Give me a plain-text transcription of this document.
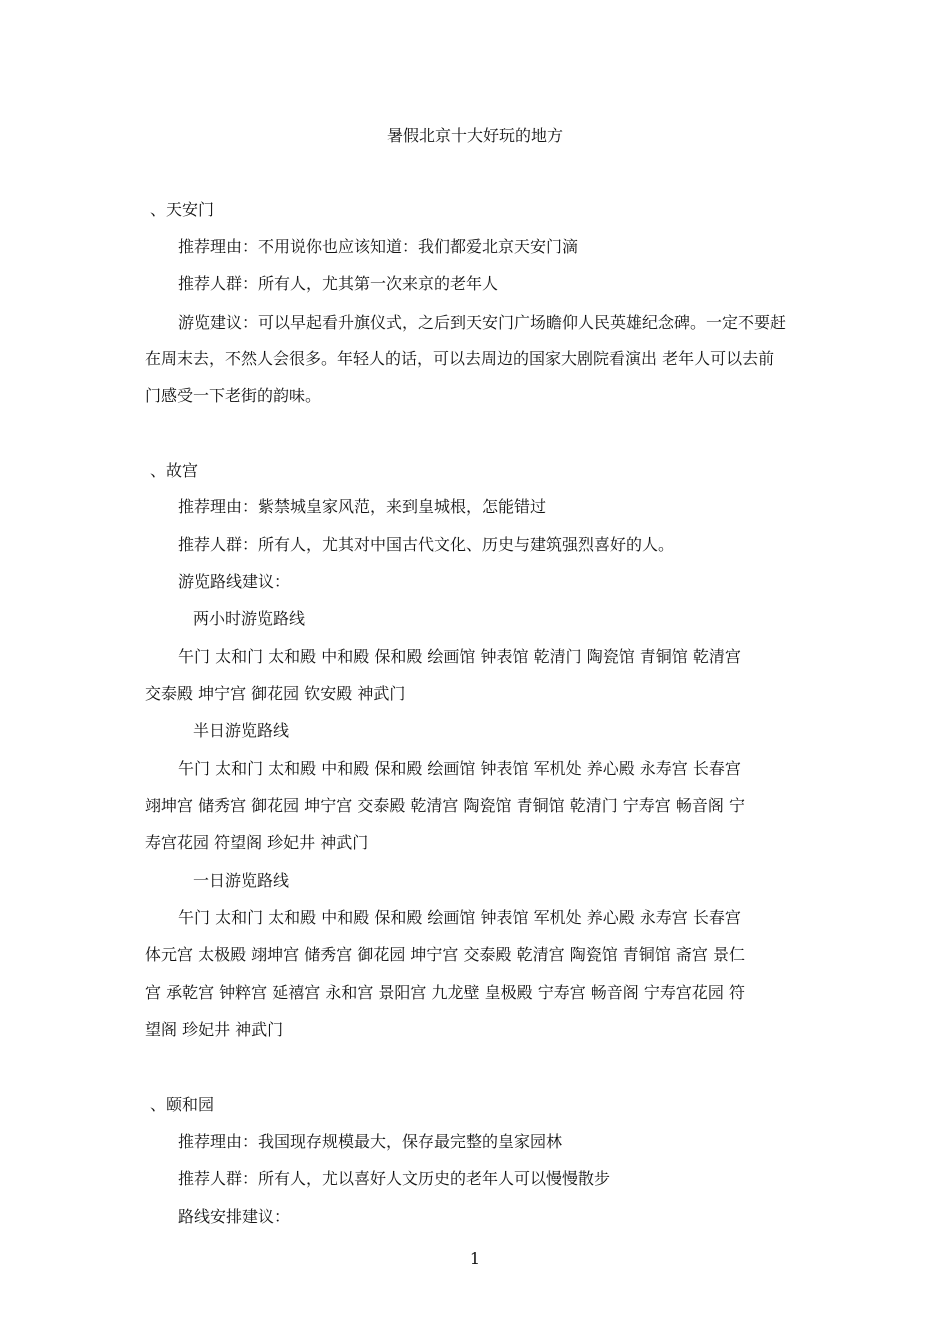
暑假北京十大好玩的地方
、天安门
推荐理由：不用说你也应该知道：我们都爱北京天安门滴
推荐人群：所有人，尤其第一次来京的老年人
游览建议：可以早起看升旗仪式，之后到天安门广场瞻仰人民英雄纪念碑。一定不要赶
在周末去，不然人会很多。年轻人的话，可以去周边的国家大剧院看演出 老年人可以去前
门感受一下老街的韵味。
、故宫
推荐理由：紫禁城皇家风范，来到皇城根，怎能错过
推荐人群：所有人，尤其对中国古代文化、历史与建筑强烈喜好的人。
游览路线建议：
两小时游览路线
午门 太和门 太和殿 中和殿 保和殿 绘画馆 钟表馆 乾清门 陶瓷馆 青铜馆 乾清宫
交泰殿 坤宁宫 御花园 钦安殿 神武门
半日游览路线
午门 太和门 太和殿 中和殿 保和殿 绘画馆 钟表馆 军机处 养心殿 永寿宫 长春宫
翊坤宫 储秀宫 御花园 坤宁宫 交泰殿 乾清宫 陶瓷馆 青铜馆 乾清门 宁寿宫 畅音阁 宁
寿宫花园 符望阁 珍妃井 神武门
一日游览路线
午门 太和门 太和殿 中和殿 保和殿 绘画馆 钟表馆 军机处 养心殿 永寿宫 长春宫
体元宫 太极殿 翊坤宫 储秀宫 御花园 坤宁宫 交泰殿 乾清宫 陶瓷馆 青铜馆 斋宫 景仁
宫 承乾宫 钟粹宫 延禧宫 永和宫 景阳宫 九龙壁 皇极殿 宁寿宫 畅音阁 宁寿宫花园 符
望阁 珍妃井 神武门
、颐和园
推荐理由：我国现存规模最大，保存最完整的皇家园林
推荐人群：所有人，尤以喜好人文历史的老年人可以慢慢散步
路线安排建议：
1
